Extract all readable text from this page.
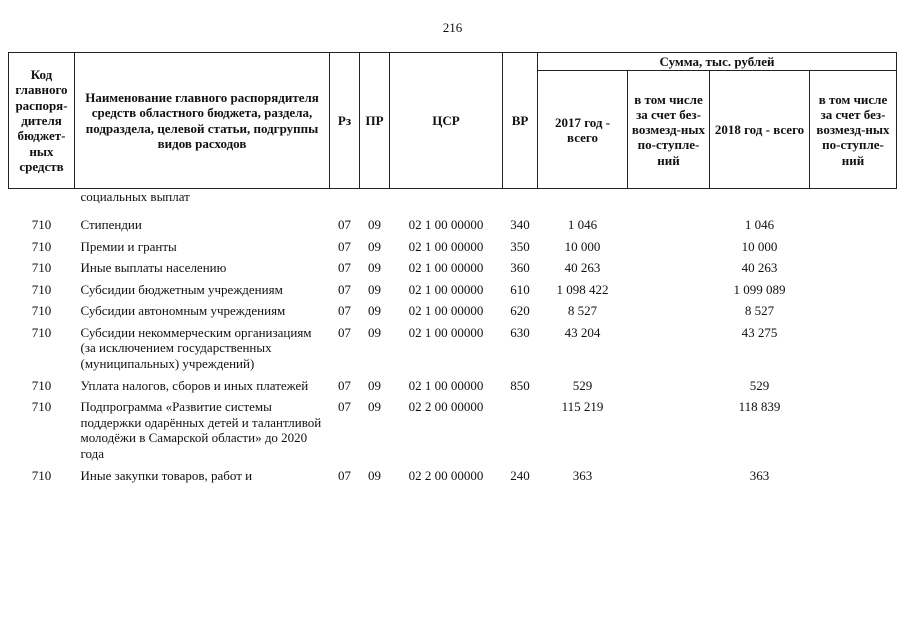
216
Код главного распоря-дителя бюджет-ных средств	Наименование главного распорядителя средств областного бюджета, раздела, подраздела, целевой статьи, подгруппы видов расходов	Рз	ПР	ЦСР	ВР	Сумма, тыс. рублей			
						2017 год - всего	в том числе за счет без-возмезд-ных по-ступле-ний	2018 год - всего	в том числе за счет без-возмезд-ных по-ступле-ний
	социальных выплат								
710	Стипендии	07	09	02 1 00 00000	340	1 046		1 046	
710	Премии и гранты	07	09	02 1 00 00000	350	10 000		10 000	
710	Иные выплаты населению	07	09	02 1 00 00000	360	40 263		40 263	
710	Субсидии бюджетным учреждениям	07	09	02 1 00 00000	610	1 098 422		1 099 089	
710	Субсидии автономным учреждениям	07	09	02 1 00 00000	620	8 527		8 527	
710	Субсидии некоммерческим организациям (за исключением государственных (муниципальных) учреждений)	07	09	02 1 00 00000	630	43 204		43 275	
710	Уплата налогов, сборов и иных платежей	07	09	02 1 00 00000	850	529		529	
710	Подпрограмма «Развитие системы поддержки одарённых детей и талантливой молодёжи в Самарской области» до 2020 года	07	09	02 2 00 00000		115 219		118 839	
710	Иные закупки товаров, работ и	07	09	02 2 00 00000	240	363		363	
